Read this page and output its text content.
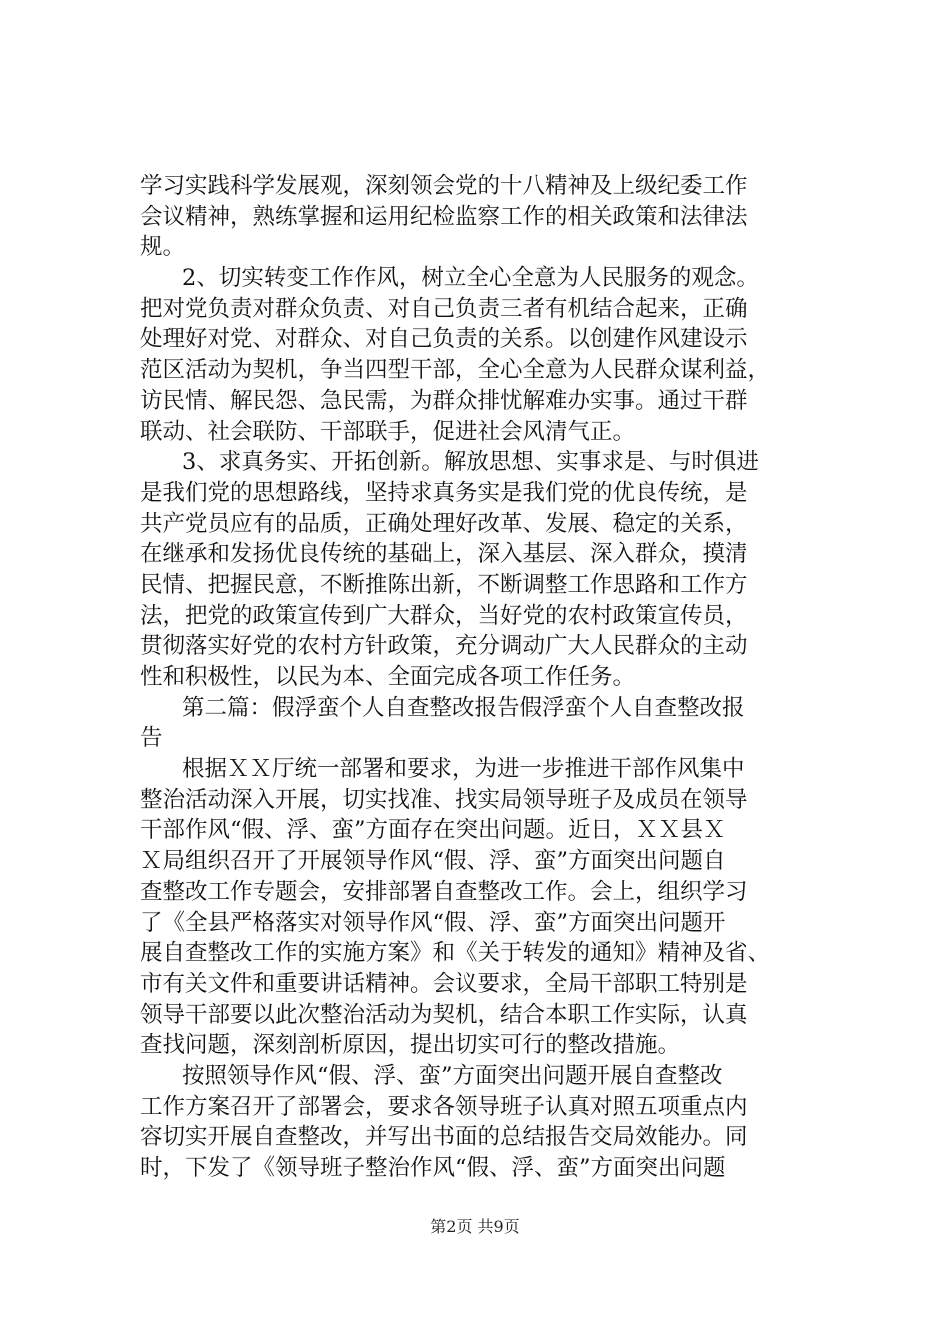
学习实践科学发展观，深刻领会党的十八精神及上级纪委工作
会议精神，熟练掌握和运用纪检监察工作的相关政策和法律法
规。
2、切实转变工作作风，树立全心全意为人民服务的观念。
把对党负责对群众负责、对自己负责三者有机结合起来，正确
处理好对党、对群众、对自己负责的关系。以创建作风建设示
范区活动为契机，争当四型干部，全心全意为人民群众谋利益，
访民情、解民怨、急民需，为群众排忧解难办实事。通过干群
联动、社会联防、干部联手，促进社会风清气正。
3、求真务实、开拓创新。解放思想、实事求是、与时俱进
是我们党的思想路线，坚持求真务实是我们党的优良传统，是
共产党员应有的品质，正确处理好改革、发展、稳定的关系，
在继承和发扬优良传统的基础上，深入基层、深入群众，摸清
民情、把握民意，不断推陈出新，不断调整工作思路和工作方
法，把党的政策宣传到广大群众，当好党的农村政策宣传员，
贯彻落实好党的农村方针政策，充分调动广大人民群众的主动
性和积极性，以民为本、全面完成各项工作任务。
第二篇：假浮蛮个人自查整改报告假浮蛮个人自查整改报
告
根据ＸＸ厅统一部署和要求，为进一步推进干部作风集中
整治活动深入开展，切实找准、找实局领导班子及成员在领导
干部作风“假、浮、蛮”方面存在突出问题。近日，ＸＸ县Ｘ
Ｘ局组织召开了开展领导作风“假、浮、蛮”方面突出问题自
查整改工作专题会，安排部署自查整改工作。会上，组织学习
了《全县严格落实对领导作风“假、浮、蛮”方面突出问题开
展自查整改工作的实施方案》和《关于转发的通知》精神及省、
市有关文件和重要讲话精神。会议要求，全局干部职工特别是
领导干部要以此次整治活动为契机，结合本职工作实际，认真
查找问题，深刻剖析原因，提出切实可行的整改措施。
按照领导作风“假、浮、蛮”方面突出问题开展自查整改
工作方案召开了部署会，要求各领导班子认真对照五项重点内
容切实开展自查整改，并写出书面的总结报告交局效能办。同
时，下发了《领导班子整治作风“假、浮、蛮”方面突出问题
第2页 共9页
